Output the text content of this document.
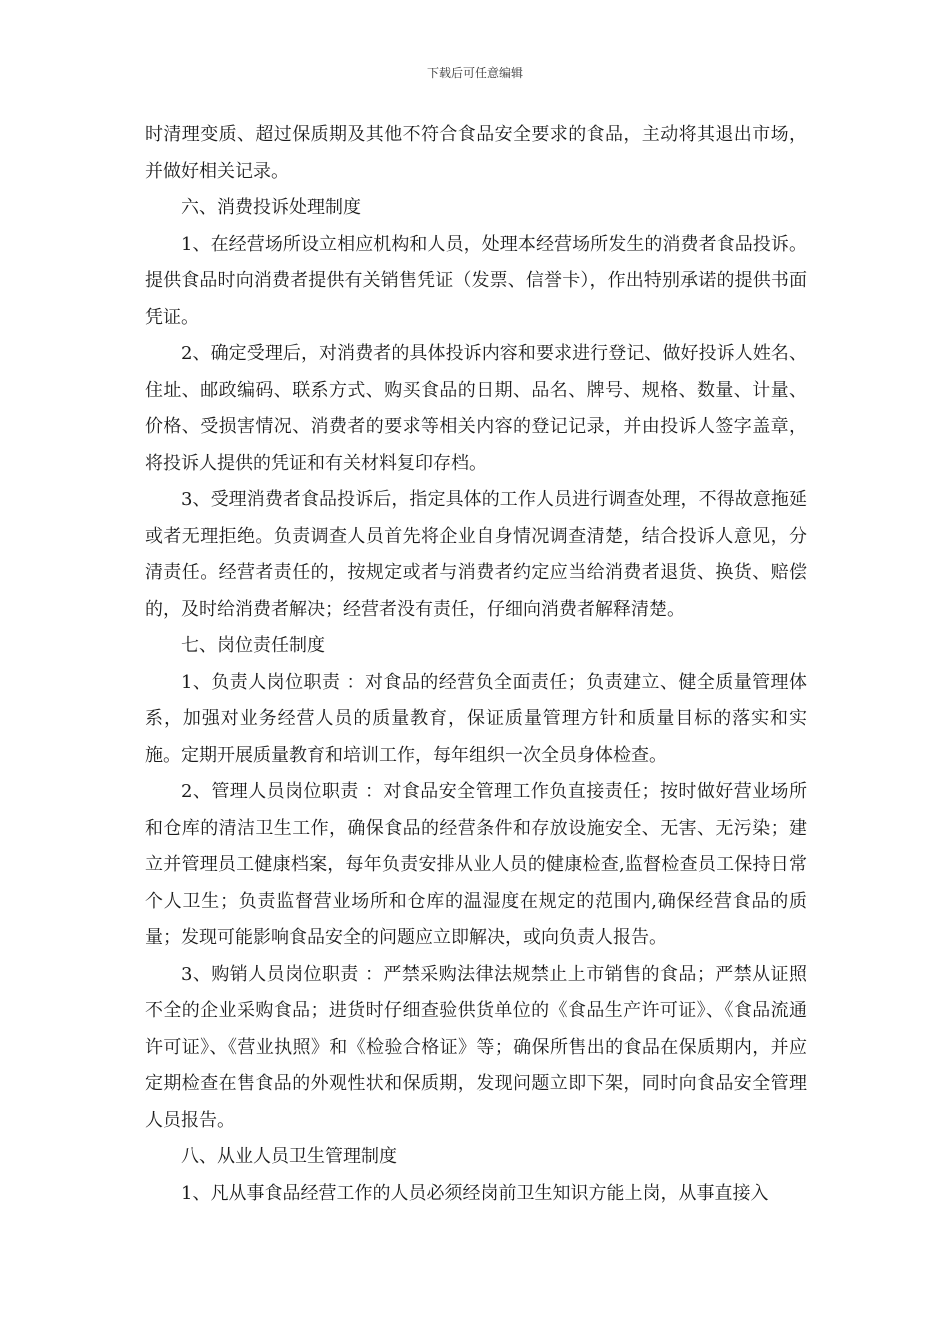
下载后可任意编辑

时清理变质、超过保质期及其他不符合食品安全要求的食品，主动将其退出市场，并做好相关记录。

六、消费投诉处理制度

1、在经营场所设立相应机构和人员，处理本经营场所发生的消费者食品投诉。提供食品时向消费者提供有关销售凭证（发票、信誉卡），作出特别承诺的提供书面凭证。

2、确定受理后，对消费者的具体投诉内容和要求进行登记、做好投诉人姓名、住址、邮政编码、联系方式、购买食品的日期、品名、牌号、规格、数量、计量、价格、受损害情况、消费者的要求等相关内容的登记记录，并由投诉人签字盖章，将投诉人提供的凭证和有关材料复印存档。

3、受理消费者食品投诉后，指定具体的工作人员进行调查处理，不得故意拖延或者无理拒绝。负责调查人员首先将企业自身情况调查清楚，结合投诉人意见，分清责任。经营者责任的，按规定或者与消费者约定应当给消费者退货、换货、赔偿的，及时给消费者解决；经营者没有责任，仔细向消费者解释清楚。

七、岗位责任制度

1、负责人岗位职责 ：对食品的经营负全面责任；负责建立、健全质量管理体系，加强对业务经营人员的质量教育，保证质量管理方针和质量目标的落实和实施。定期开展质量教育和培训工作，每年组织一次全员身体检查。

2、管理人员岗位职责 ：对食品安全管理工作负直接责任；按时做好营业场所和仓库的清洁卫生工作，确保食品的经营条件和存放设施安全、无害、无污染；建立并管理员工健康档案，每年负责安排从业人员的健康检查,监督检查员工保持日常个人卫生；负责监督营业场所和仓库的温湿度在规定的范围内,确保经营食品的质量；发现可能影响食品安全的问题应立即解决，或向负责人报告。

3、购销人员岗位职责 ：严禁采购法律法规禁止上市销售的食品；严禁从证照不全的企业采购食品；进货时仔细查验供货单位的《食品生产许可证》、《食品流通许可证》、《营业执照》和《检验合格证》等；确保所售出的食品在保质期内，并应定期检查在售食品的外观性状和保质期，发现问题立即下架，同时向食品安全管理人员报告。

八、从业人员卫生管理制度

1、凡从事食品经营工作的人员必须经岗前卫生知识方能上岗，从事直接入
